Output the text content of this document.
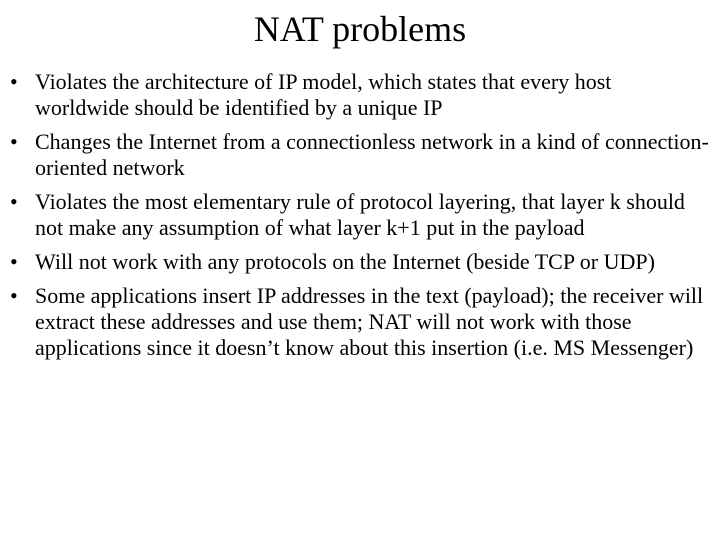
NAT problems
• Violates the architecture of IP model, which states that every host worldwide should be identified by a unique IP
• Changes the Internet from a connectionless network in a kind of connection-oriented network
• Violates the most elementary rule of protocol layering, that layer k should not make any assumption of what layer k+1 put in the payload
• Will not work with any protocols on the Internet (beside TCP or UDP)
• Some applications insert IP addresses in the text (payload); the receiver will extract these addresses and use them; NAT will not work with those applications since it doesn’t know about this insertion (i.e. MS Messenger)
